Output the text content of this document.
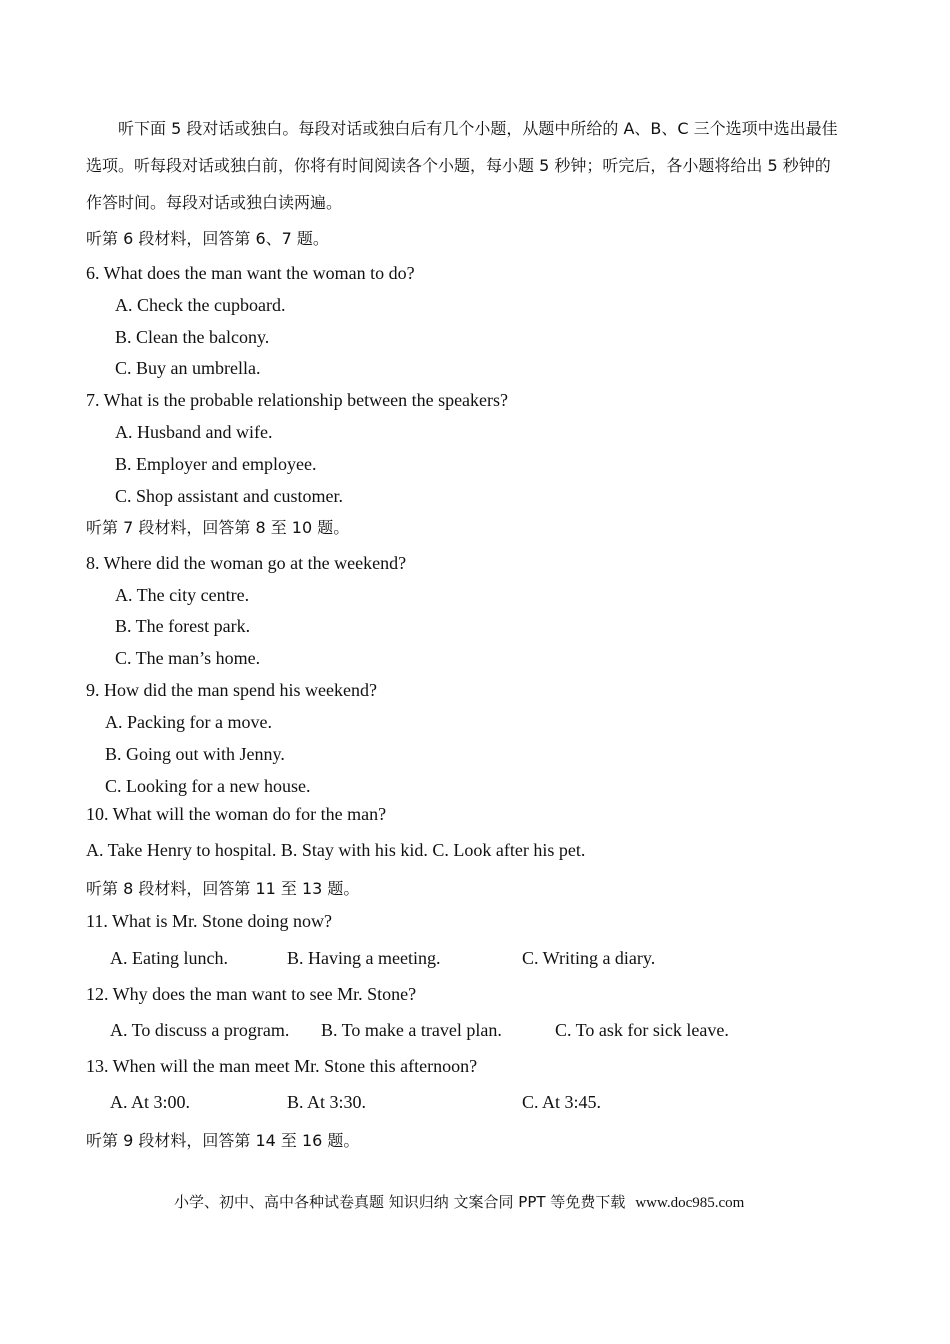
听下面 5 段对话或独白。每段对话或独白后有几个小题，从题中所给的 A、B、C 三个选项中选出最佳
选项。听每段对话或独白前，你将有时间阅读各个小题，每小题 5 秒钟；听完后，各小题将给出 5 秒钟的
作答时间。每段对话或独白读两遍。
听第 6 段材料，回答第 6、7 题。
6. What does the man want the woman to do?
A. Check the cupboard.
B. Clean the balcony.
C. Buy an umbrella.
7. What is the probable relationship between the speakers?
A. Husband and wife.
B. Employer and employee.
C. Shop assistant and customer.
听第 7 段材料，回答第 8 至 10 题。
8. Where did the woman go at the weekend?
A. The city centre.
B. The forest park.
C. The man’s home.
9. How did the man spend his weekend?
A. Packing for a move.
B. Going out with Jenny.
C. Looking for a new house.
10. What will the woman do for the man?
A. Take Henry to hospital. B. Stay with his kid. C. Look after his pet.
听第 8 段材料，回答第 11 至 13 题。
11. What is Mr. Stone doing now?
A. Eating lunch.	B. Having a meeting.	C. Writing a diary.
12. Why does the man want to see Mr. Stone?
A. To discuss a program. B. To make a travel plan.	C. To ask for sick leave.
13. When will the man meet Mr. Stone this afternoon?
A. At 3:00.	B. At 3:30.	C. At 3:45.
听第 9 段材料，回答第 14 至 16 题。
小学、初中、高中各种试卷真题 知识归纳 文案合同 PPT 等免费下载 www.doc985.com
